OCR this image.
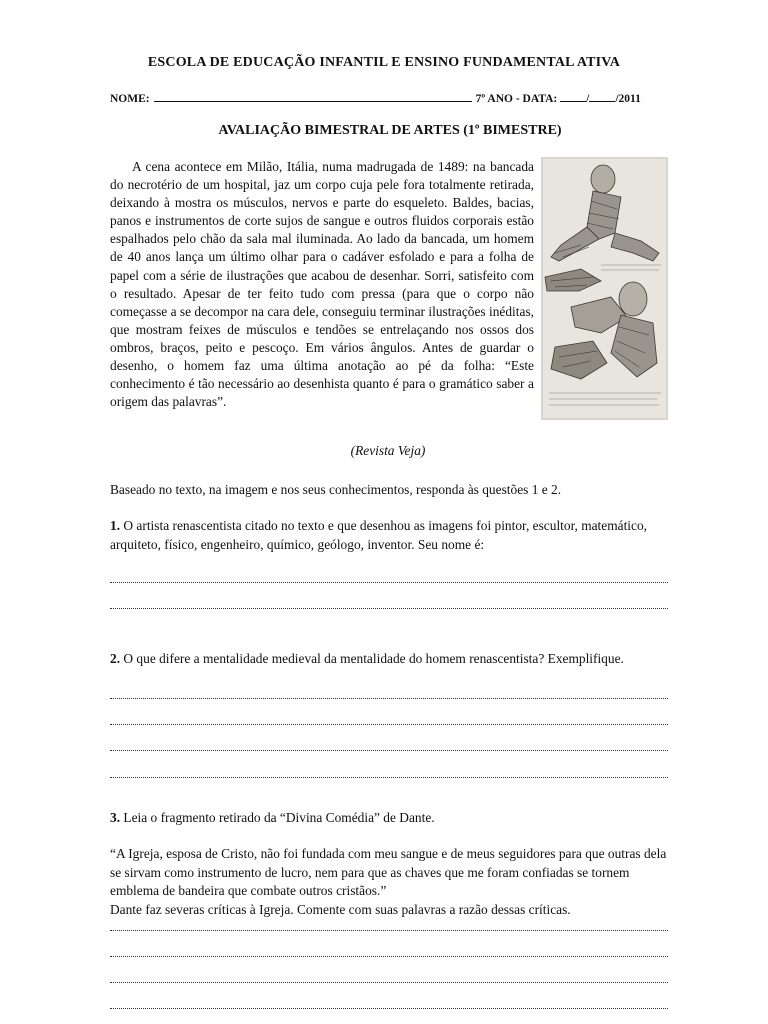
ESCOLA DE EDUCAÇÃO INFANTIL E ENSINO FUNDAMENTAL ATIVA
NOME:	7º ANO - DATA:	/ /2011
AVALIAÇÃO BIMESTRAL DE ARTES (1º BIMESTRE)

A cena acontece em Milão, Itália, numa madrugada de 1489: na bancada do necrotério de um hospital, jaz um corpo cuja pele fora totalmente retirada, deixando à mostra os músculos, nervos e parte do esqueleto. Baldes, bacias, panos e instrumentos de corte sujos de sangue e outros fluidos corporais estão espalhados pelo chão da sala mal iluminada. Ao lado da bancada, um homem de 40 anos lança um último olhar para o cadáver esfolado e para a folha de papel com a série de ilustrações que acabou de desenhar. Sorri, satisfeito com o resultado. Apesar de ter feito tudo com pressa (para que o corpo não começasse a se decompor na cara dele, conseguiu terminar ilustrações inéditas, que mostram feixes de músculos e tendões se entrelaçando nos ossos dos ombros, braços, peito e pescoço. Em vários ângulos. Antes de guardar o desenho, o homem faz uma última anotação ao pé da folha: “Este conhecimento é tão necessário ao desenhista quanto é para o gramático saber a origem das palavras”.

(Revista Veja)
Baseado no texto, na imagem e nos seus conhecimentos, responda às questões 1 e 2.
1. O artista renascentista citado no texto e que desenhou as imagens foi pintor, escultor, matemático, arquiteto, físico, engenheiro, químico, geólogo, inventor. Seu nome é:
2. O que difere a mentalidade medieval da mentalidade do homem renascentista? Exemplifique.
3. Leia o fragmento retirado da “Divina Comédia” de Dante.
“A Igreja, esposa de Cristo, não foi fundada com meu sangue e de meus seguidores para que outras dela se sirvam como instrumento de lucro, nem para que as chaves que me foram confiadas se tornem emblema de bandeira que combate outros cristãos.”
Dante faz severas críticas à Igreja. Comente com suas palavras a razão dessas críticas.
